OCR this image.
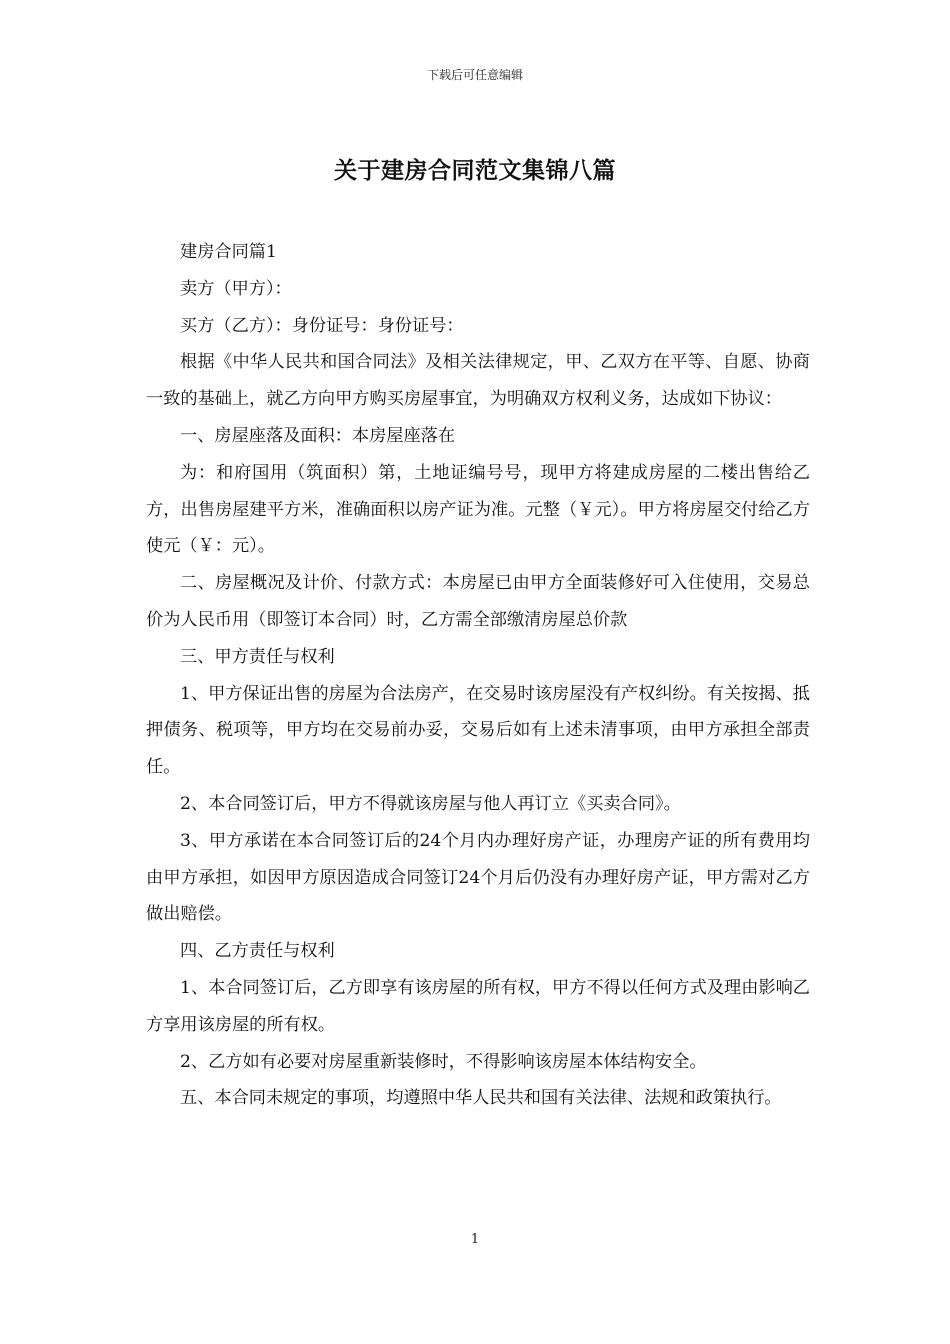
下载后可任意编辑
关于建房合同范文集锦八篇

建房合同篇1

卖方（甲方）：

买方（乙方）：身份证号：身份证号：

根据《中华人民共和国合同法》及相关法律规定，甲、乙双方在平等、自愿、协商一致的基础上，就乙方向甲方购买房屋事宜，为明确双方权利义务，达成如下协议：

一、房屋座落及面积：本房屋座落在

为：和府国用（筑面积）第，土地证编号号，现甲方将建成房屋的二楼出售给乙方，出售房屋建平方米，准确面积以房产证为准。元整（￥元）。甲方将房屋交付给乙方使元（￥：元）。

二、房屋概况及计价、付款方式：本房屋已由甲方全面装修好可入住使用，交易总价为人民币用（即签订本合同）时，乙方需全部缴清房屋总价款

三、甲方责任与权利

1、甲方保证出售的房屋为合法房产，在交易时该房屋没有产权纠纷。有关按揭、抵押债务、税项等，甲方均在交易前办妥，交易后如有上述未清事项，由甲方承担全部责任。

2、本合同签订后，甲方不得就该房屋与他人再订立《买卖合同》。

3、甲方承诺在本合同签订后的24个月内办理好房产证，办理房产证的所有费用均由甲方承担，如因甲方原因造成合同签订24个月后仍没有办理好房产证，甲方需对乙方做出赔偿。

四、乙方责任与权利

1、本合同签订后，乙方即享有该房屋的所有权，甲方不得以任何方式及理由影响乙方享用该房屋的所有权。

2、乙方如有必要对房屋重新装修时，不得影响该房屋本体结构安全。

五、本合同未规定的事项，均遵照中华人民共和国有关法律、法规和政策执行。

1
